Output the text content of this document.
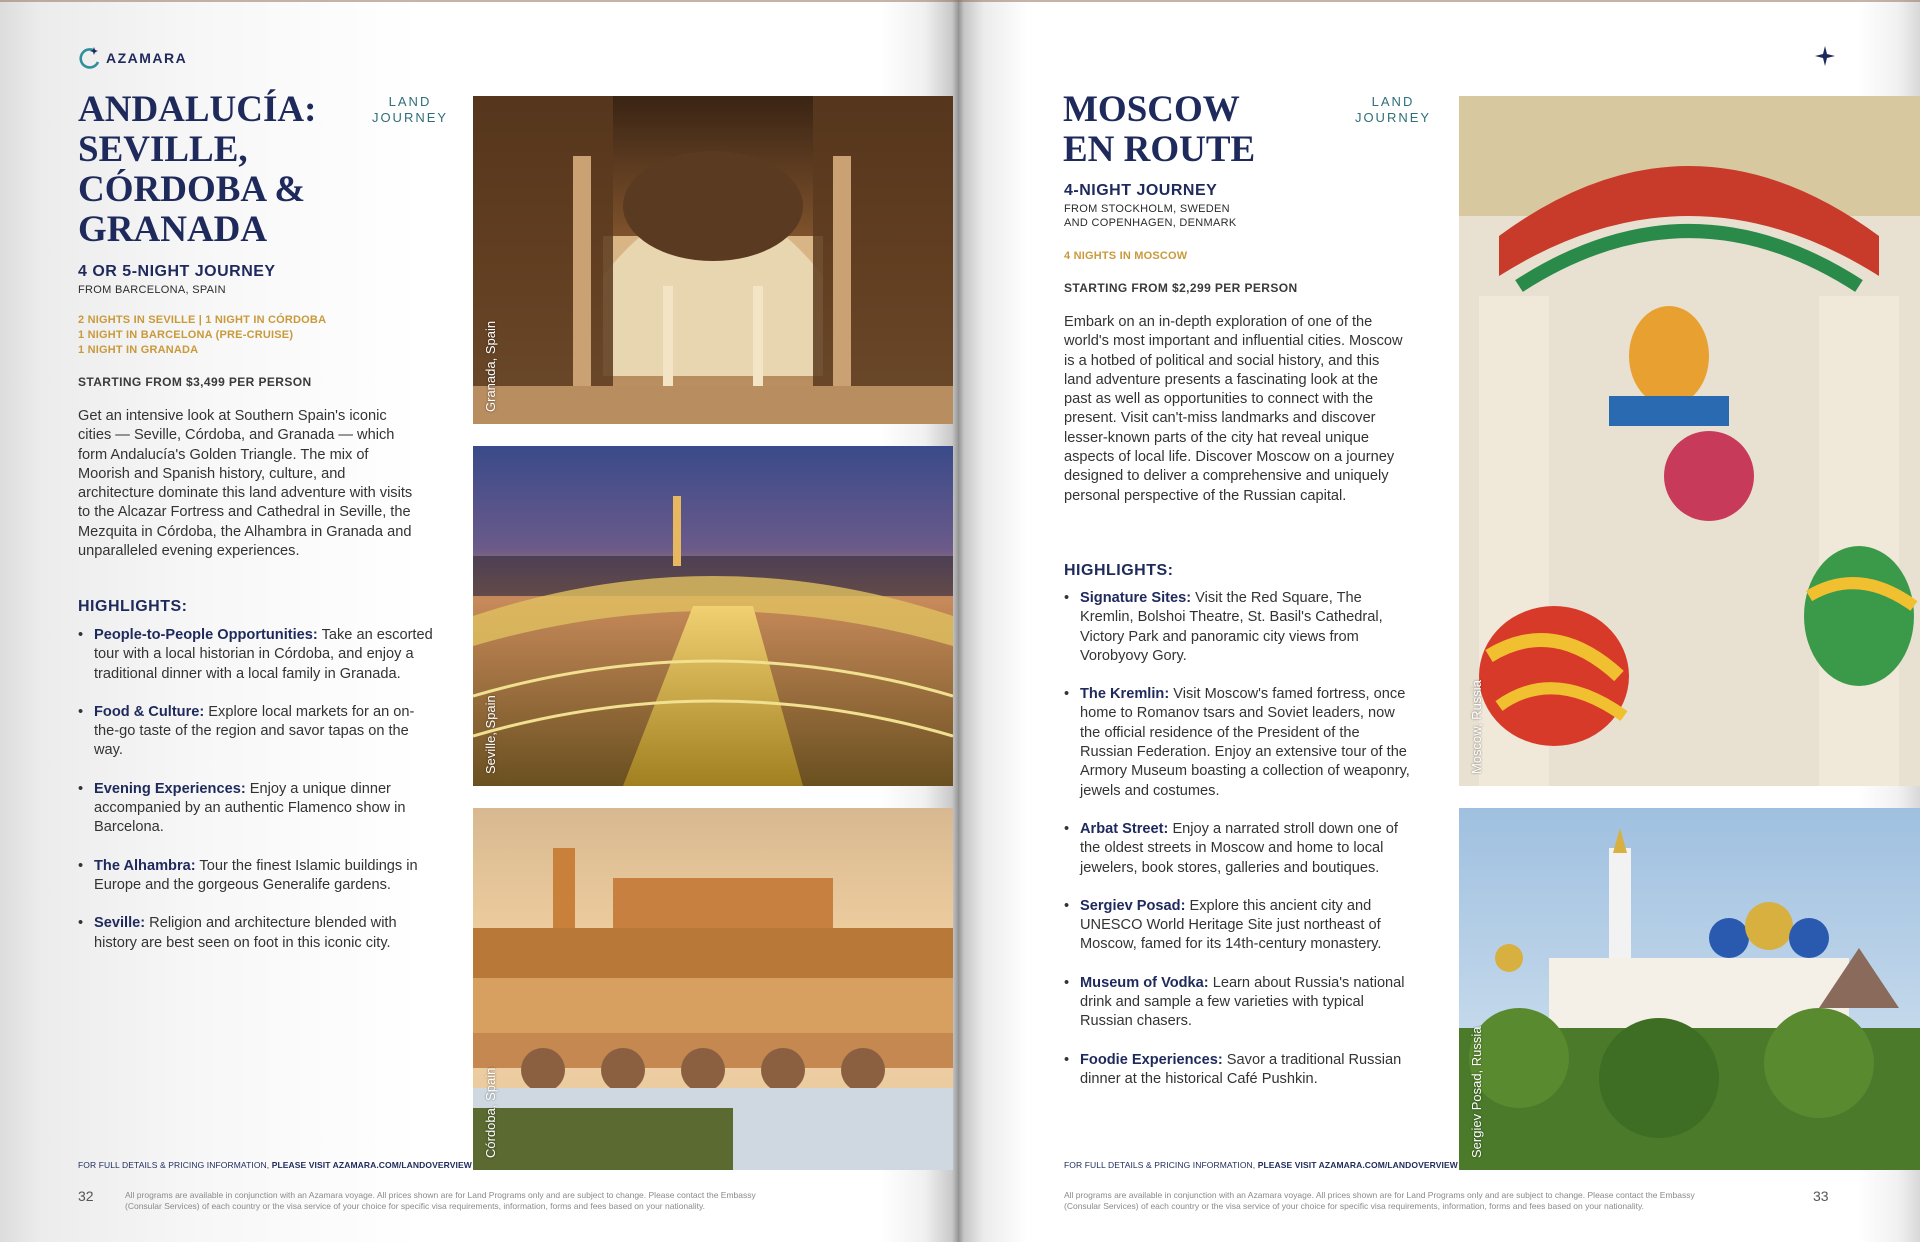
AZAMARA
ANDALUCÍA:
SEVILLE,
CÓRDOBA &
GRANADA
LAND
JOURNEY
4 OR 5-NIGHT JOURNEY
FROM BARCELONA, SPAIN
2 NIGHTS IN SEVILLE | 1 NIGHT IN CÓRDOBA
1 NIGHT IN BARCELONA (PRE-CRUISE)
1 NIGHT IN GRANADA
STARTING FROM $3,499 PER PERSON
Get an intensive look at Southern Spain's iconic cities — Seville, Córdoba, and Granada — which form Andalucía's Golden Triangle. The mix of Moorish and Spanish history, culture, and architecture dominate this land adventure with visits to the Alcazar Fortress and Cathedral in Seville, the Mezquita in Córdoba, the Alhambra in Granada and unparalleled evening experiences.
HIGHLIGHTS:
• People-to-People Opportunities: Take an escorted tour with a local historian in Córdoba, and enjoy a traditional dinner with a local family in Granada.
• Food & Culture: Explore local markets for an on-the-go taste of the region and savor tapas on the way.
• Evening Experiences: Enjoy a unique dinner accompanied by an authentic Flamenco show in Barcelona.
• The Alhambra: Tour the finest Islamic buildings in Europe and the gorgeous Generalife gardens.
• Seville: Religion and architecture blended with history are best seen on foot in this iconic city.
Granada, Spain
Seville, Spain
Córdoba, Spain
FOR FULL DETAILS & PRICING INFORMATION, PLEASE VISIT AZAMARA.COM/LANDOVERVIEW
32	All programs are available in conjunction with an Azamara voyage. All prices shown are for Land Programs only and are subject to change. Please contact the Embassy (Consular Services) of each country or the visa service of your choice for specific visa requirements, information, forms and fees based on your nationality.
MOSCOW
EN ROUTE
LAND
JOURNEY
4-NIGHT JOURNEY
FROM STOCKHOLM, SWEDEN
AND COPENHAGEN, DENMARK
4 NIGHTS IN MOSCOW
STARTING FROM $2,299 PER PERSON
Embark on an in-depth exploration of one of the world's most important and influential cities. Moscow is a hotbed of political and social history, and this land adventure presents a fascinating look at the past as well as opportunities to connect with the present. Visit can't-miss landmarks and discover lesser-known parts of the city hat reveal unique aspects of local life. Discover Moscow on a journey designed to deliver a comprehensive and uniquely personal perspective of the Russian capital.
HIGHLIGHTS:
• Signature Sites: Visit the Red Square, The Kremlin, Bolshoi Theatre, St. Basil's Cathedral, Victory Park and panoramic city views from Vorobyovy Gory.
• The Kremlin: Visit Moscow's famed fortress, once home to Romanov tsars and Soviet leaders, now the official residence of the President of the Russian Federation. Enjoy an extensive tour of the Armory Museum boasting a collection of weaponry, jewels and costumes.
• Arbat Street: Enjoy a narrated stroll down one of the oldest streets in Moscow and home to local jewelers, book stores, galleries and boutiques.
• Sergiev Posad: Explore this ancient city and UNESCO World Heritage Site just northeast of Moscow, famed for its 14th-century monastery.
• Museum of Vodka: Learn about Russia's national drink and sample a few varieties with typical Russian chasers.
• Foodie Experiences: Savor a traditional Russian dinner at the historical Café Pushkin.
Moscow, Russia
Sergiev Posad, Russia
FOR FULL DETAILS & PRICING INFORMATION, PLEASE VISIT AZAMARA.COM/LANDOVERVIEW
All programs are available in conjunction with an Azamara voyage. All prices shown are for Land Programs only and are subject to change. Please contact the Embassy (Consular Services) of each country or the visa service of your choice for specific visa requirements, information, forms and fees based on your nationality.
33
